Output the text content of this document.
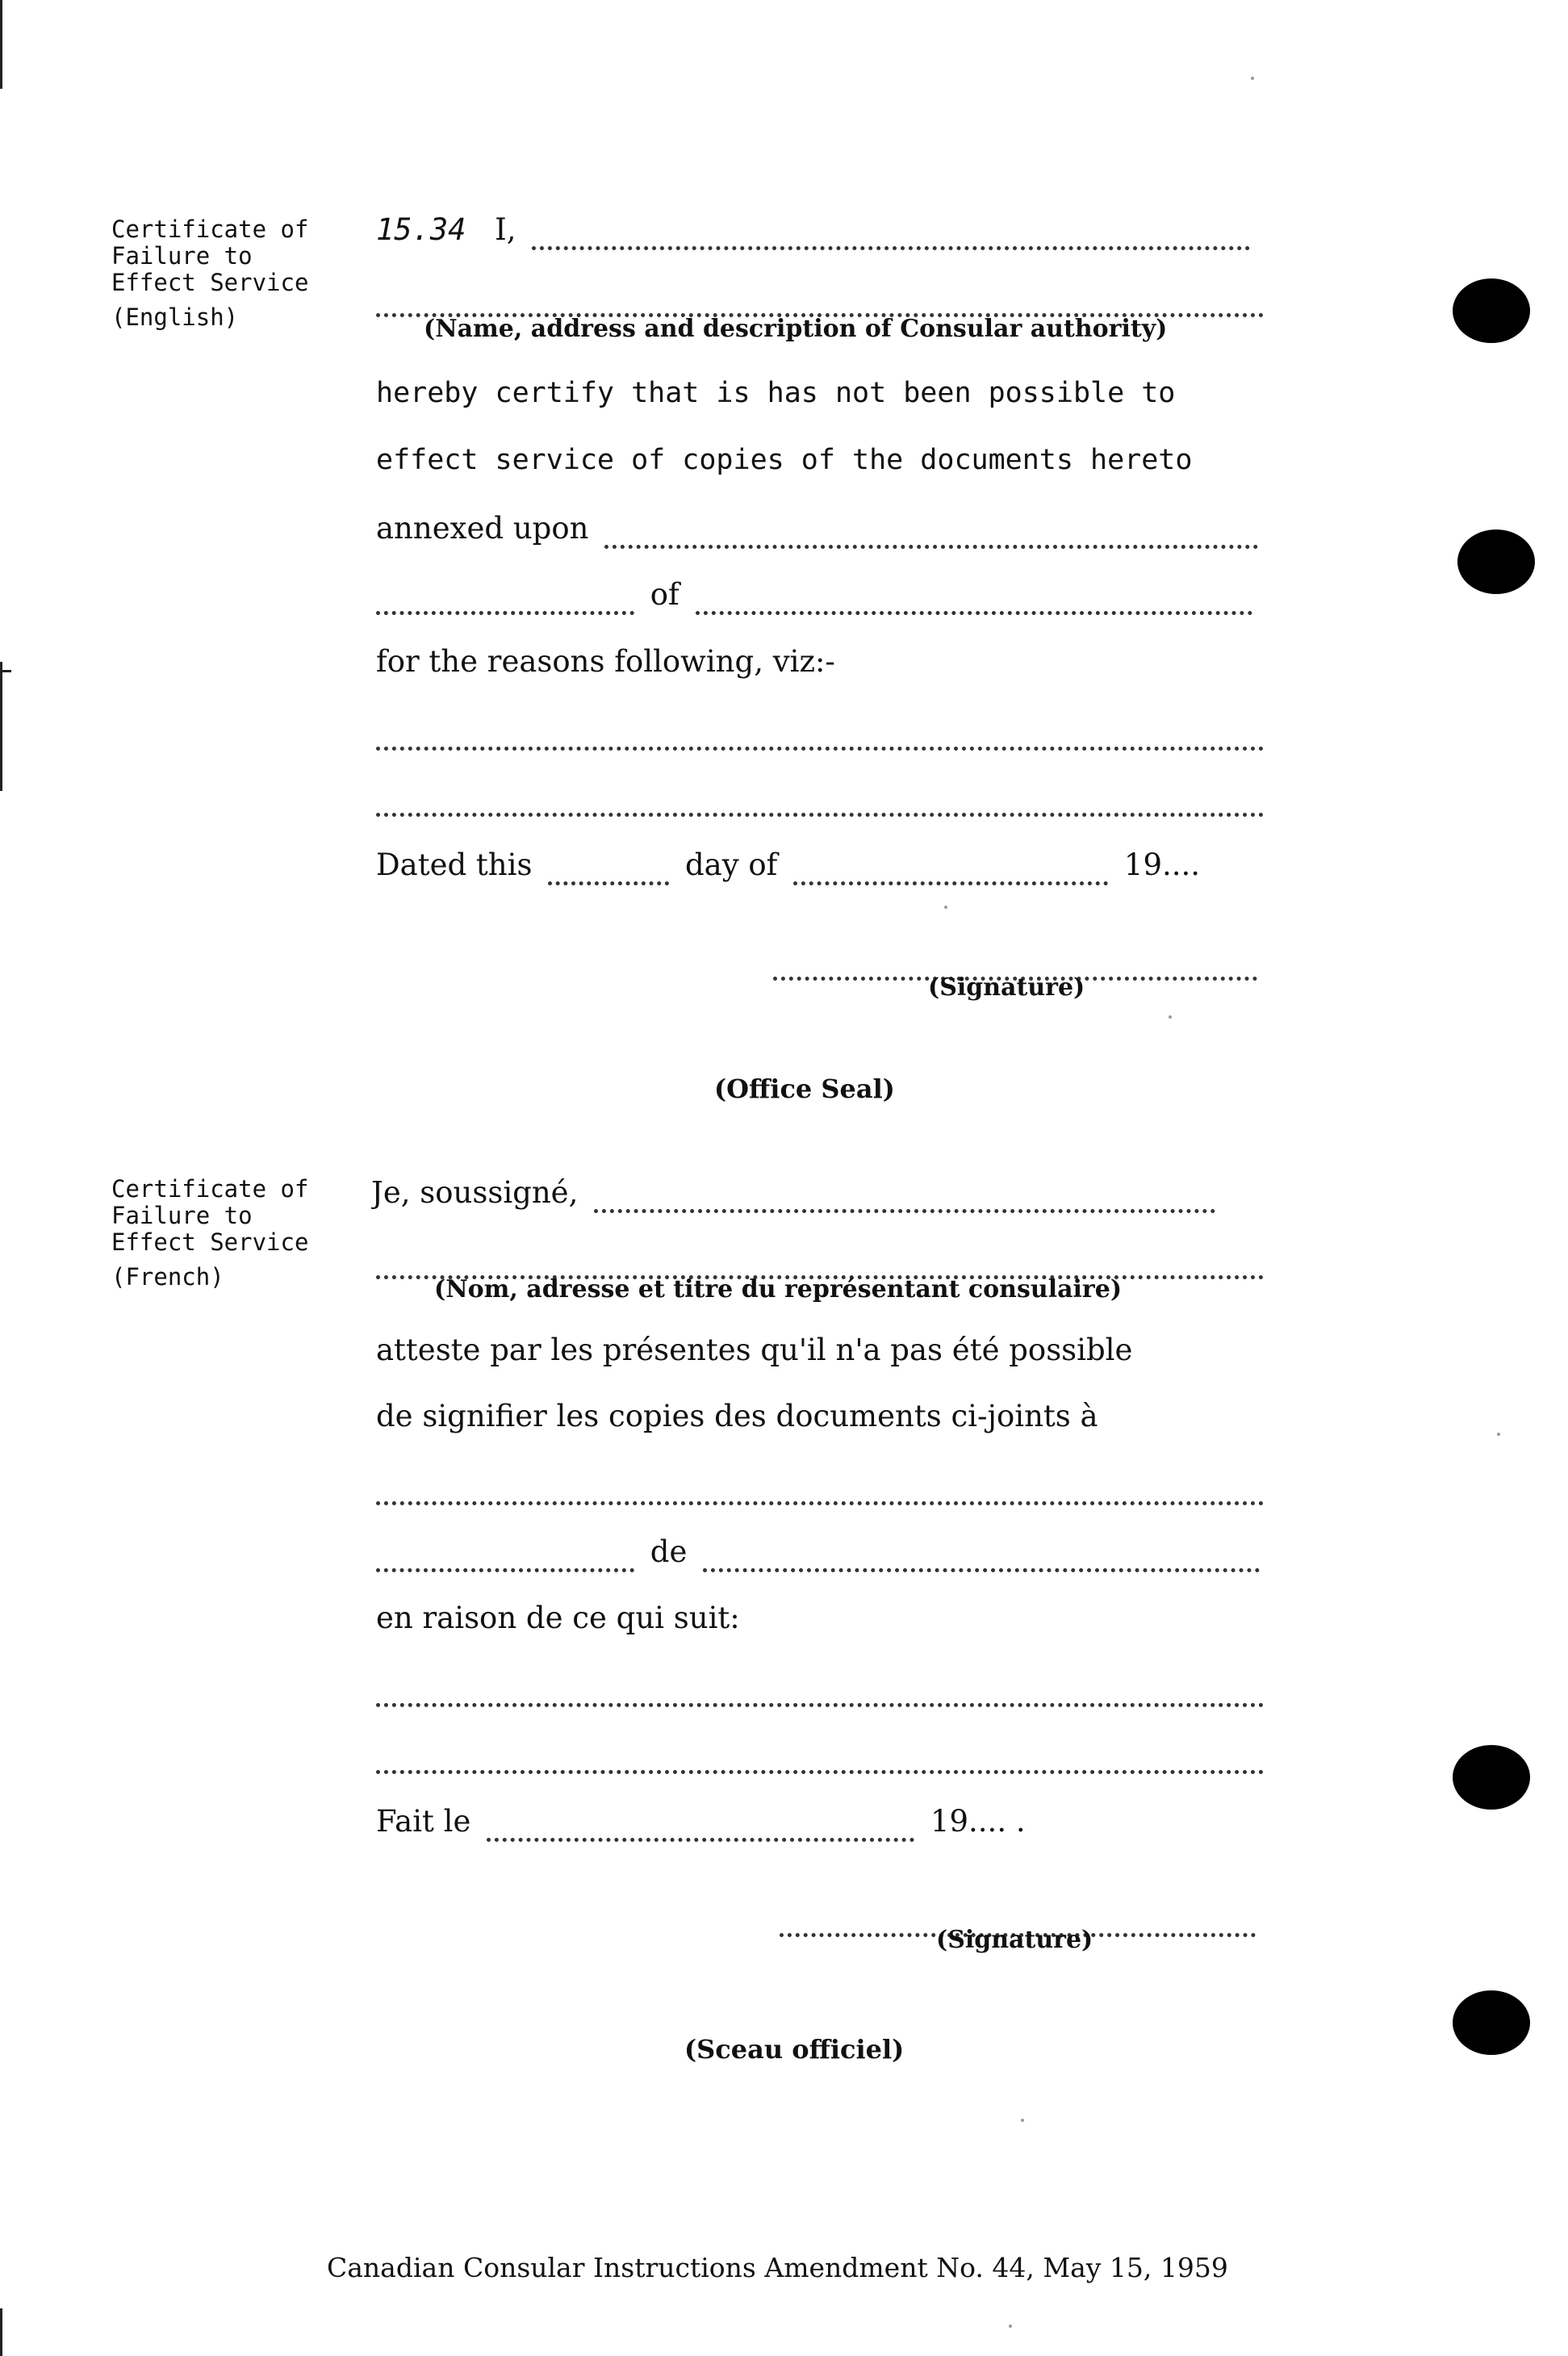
Certificate of
Failure to
Effect Service
(English)
15.34 I,
(Name, address and description of Consular authority)
hereby certify that is has not been possible to
effect service of copies of the documents hereto
annexed upon
of
for the reasons following, viz:-
Dated this	day of	19....
(Signature)
(Office Seal)
Certificate of
Failure to
Effect Service
(French)
Je, soussigné,
(Nom, adresse et titre du représentant consulaire)
atteste par les présentes qu'il n'a pas été possible
de signifier les copies des documents ci-joints à
de
en raison de ce qui suit:
Fait le	19.... .
(Signature)
(Sceau officiel)
Canadian Consular Instructions Amendment No. 44, May 15, 1959
